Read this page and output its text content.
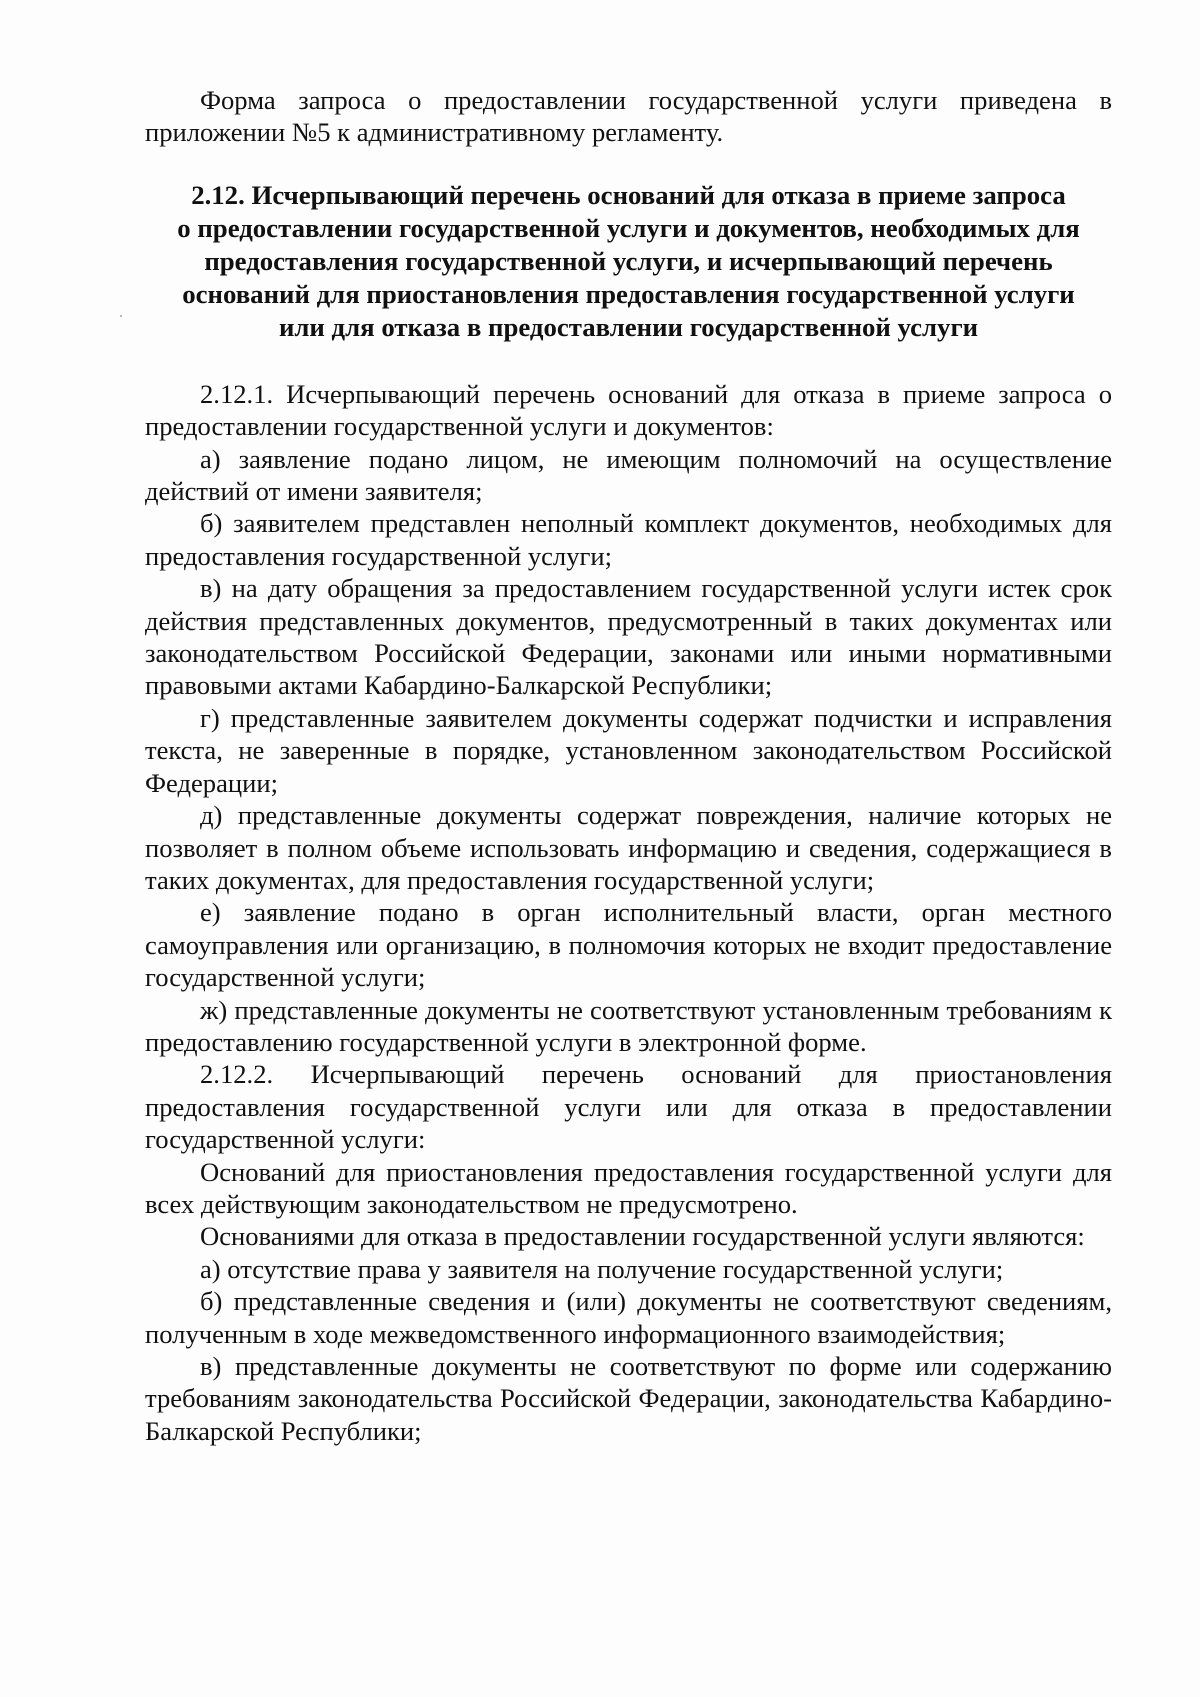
Форма запроса о предоставлении государственной услуги приведена в приложении №5 к административному регламенту.

2.12. Исчерпывающий перечень оснований для отказа в приеме запроса
о предоставлении государственной услуги и документов, необходимых для
предоставления государственной услуги, и исчерпывающий перечень
оснований для приостановления предоставления государственной услуги
или для отказа в предоставлении государственной услуги

2.12.1. Исчерпывающий перечень оснований для отказа в приеме запроса о предоставлении государственной услуги и документов:

а) заявление подано лицом, не имеющим полномочий на осуществление действий от имени заявителя;

б) заявителем представлен неполный комплект документов, необходимых для предоставления государственной услуги;

в) на дату обращения за предоставлением государственной услуги истек срок действия представленных документов, предусмотренный в таких документах или законодательством Российской Федерации, законами или иными нормативными правовыми актами Кабардино-Балкарской Республики;

г) представленные заявителем документы содержат подчистки и исправления текста, не заверенные в порядке, установленном законодательством Российской Федерации;

д) представленные документы содержат повреждения, наличие которых не позволяет в полном объеме использовать информацию и сведения, содержащиеся в таких документах, для предоставления государственной услуги;

е) заявление подано в орган исполнительный власти, орган местного самоуправления или организацию, в полномочия которых не входит предоставление государственной услуги;

ж) представленные документы не соответствуют установленным требованиям к предоставлению государственной услуги в электронной форме.

2.12.2. Исчерпывающий перечень оснований для приостановления предоставления государственной услуги или для отказа в предоставлении государственной услуги:

Оснований для приостановления предоставления государственной услуги для всех действующим законодательством не предусмотрено.

Основаниями для отказа в предоставлении государственной услуги являются:

а) отсутствие права у заявителя на получение государственной услуги;

б) представленные сведения и (или) документы не соответствуют сведениям, полученным в ходе межведомственного информационного взаимодействия;

в) представленные документы не соответствуют по форме или содержанию требованиям законодательства Российской Федерации, законодательства Кабардино-Балкарской Республики;
